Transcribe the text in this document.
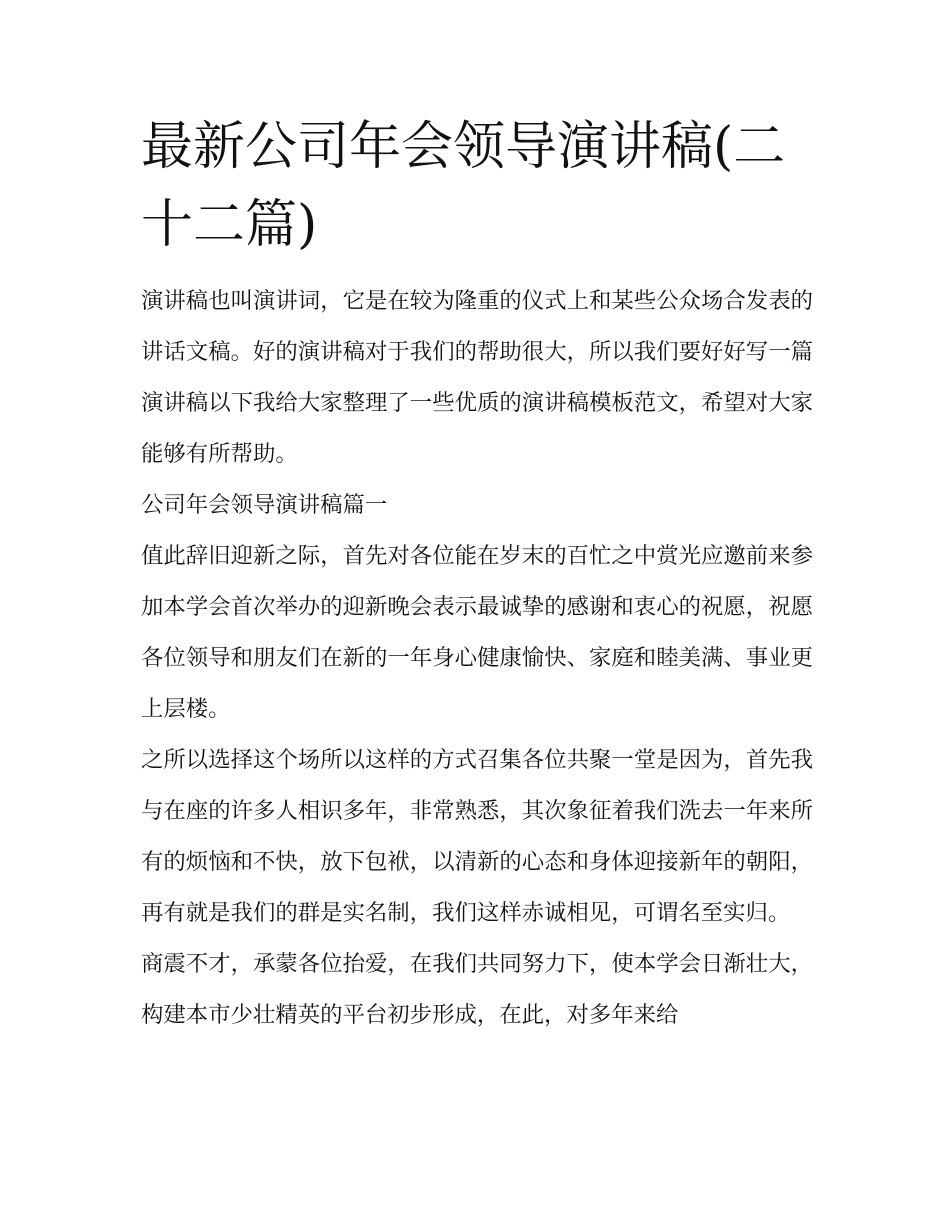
最新公司年会领导演讲稿(二十二篇)

演讲稿也叫演讲词，它是在较为隆重的仪式上和某些公众场合发表的讲话文稿。好的演讲稿对于我们的帮助很大，所以我们要好好写一篇演讲稿以下我给大家整理了一些优质的演讲稿模板范文，希望对大家能够有所帮助。

公司年会领导演讲稿篇一

值此辞旧迎新之际，首先对各位能在岁末的百忙之中赏光应邀前来参加本学会首次举办的迎新晚会表示最诚挚的感谢和衷心的祝愿，祝愿各位领导和朋友们在新的一年身心健康愉快、家庭和睦美满、事业更上层楼。

之所以选择这个场所以这样的方式召集各位共聚一堂是因为，首先我与在座的许多人相识多年，非常熟悉，其次象征着我们洗去一年来所有的烦恼和不快，放下包袱，以清新的心态和身体迎接新年的朝阳，再有就是我们的群是实名制，我们这样赤诚相见，可谓名至实归。

商震不才，承蒙各位抬爱，在我们共同努力下，使本学会日渐壮大，构建本市少壮精英的平台初步形成，在此，对多年来给
